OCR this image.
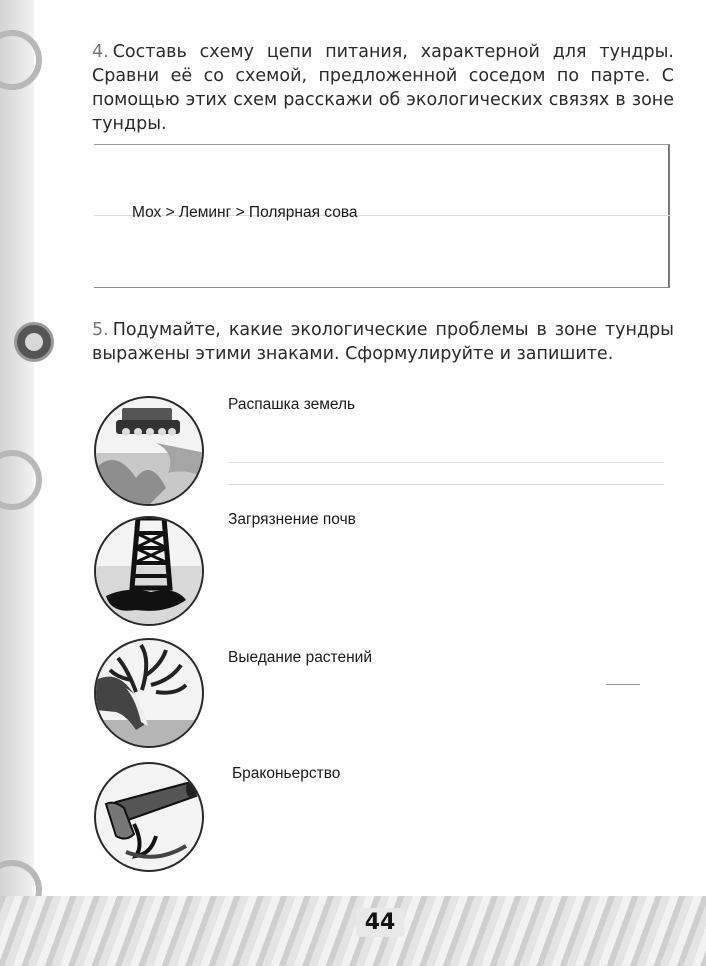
4. Составь схему цепи питания, характерной для тундры. Сравни её со схемой, предложенной соседом по парте. С помощью этих схем расскажи об экологических связях в зоне тундры.

Мох > Леминг > Полярная сова

5. Подумайте, какие экологические проблемы в зоне тундры выражены этими знаками. Сформулируйте и запишите.

Распашка земель
Загрязнение почв
Выедание растений
Браконьерство
44
